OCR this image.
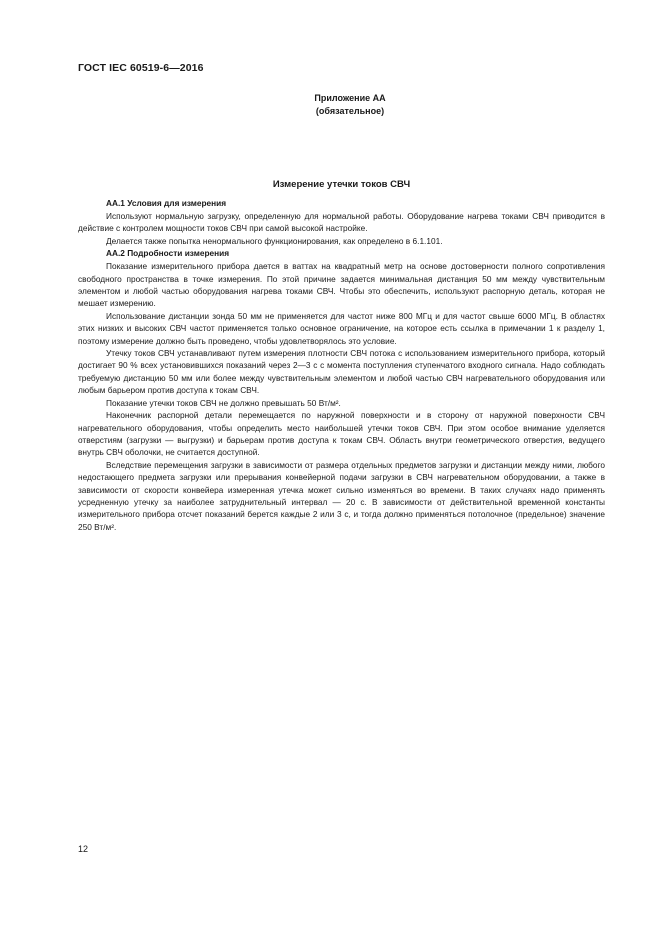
ГОСТ IEC 60519-6—2016
Приложение АА
(обязательное)
Измерение утечки токов СВЧ
АА.1 Условия для измерения

Используют нормальную загрузку, определенную для нормальной работы. Оборудование нагрева токами СВЧ приводится в действие с контролем мощности токов СВЧ при самой высокой настройке.

Делается также попытка ненормального функционирования, как определено в 6.1.101.

АА.2 Подробности измерения

Показание измерительного прибора дается в ваттах на квадратный метр на основе достоверности полного сопротивления свободного пространства в точке измерения. По этой причине задается минимальная дистанция 50 мм между чувствительным элементом и любой частью оборудования нагрева токами СВЧ. Чтобы это обеспечить, используют распорную деталь, которая не мешает измерению.

Использование дистанции зонда 50 мм не применяется для частот ниже 800 МГц и для частот свыше 6000 МГц. В областях этих низких и высоких СВЧ частот применяется только основное ограничение, на которое есть ссылка в примечании 1 к разделу 1, поэтому измерение должно быть проведено, чтобы удовлетворялось это условие.

Утечку токов СВЧ устанавливают путем измерения плотности СВЧ потока с использованием измерительного прибора, который достигает 90 % всех установившихся показаний через 2—3 с с момента поступления ступенчатого входного сигнала. Надо соблюдать требуемую дистанцию 50 мм или более между чувствительным элементом и любой частью СВЧ нагревательного оборудования или любым барьером против доступа к токам СВЧ.

Показание утечки токов СВЧ не должно превышать 50 Вт/м².

Наконечник распорной детали перемещается по наружной поверхности и в сторону от наружной поверхности СВЧ нагревательного оборудования, чтобы определить место наибольшей утечки токов СВЧ. При этом особое внимание уделяется отверстиям (загрузки — выгрузки) и барьерам против доступа к токам СВЧ. Область внутри геометрического отверстия, ведущего внутрь СВЧ оболочки, не считается доступной.

Вследствие перемещения загрузки в зависимости от размера отдельных предметов загрузки и дистанции между ними, любого недостающего предмета загрузки или прерывания конвейерной подачи загрузки в СВЧ нагревательном оборудовании, а также в зависимости от скорости конвейера измеренная утечка может сильно изменяться во времени. В таких случаях надо применять усредненную утечку за наиболее затруднительный интервал — 20 с. В зависимости от действительной временной константы измерительного прибора отсчет показаний берется каждые 2 или 3 с, и тогда должно применяться потолочное (предельное) значение 250 Вт/м².

12
